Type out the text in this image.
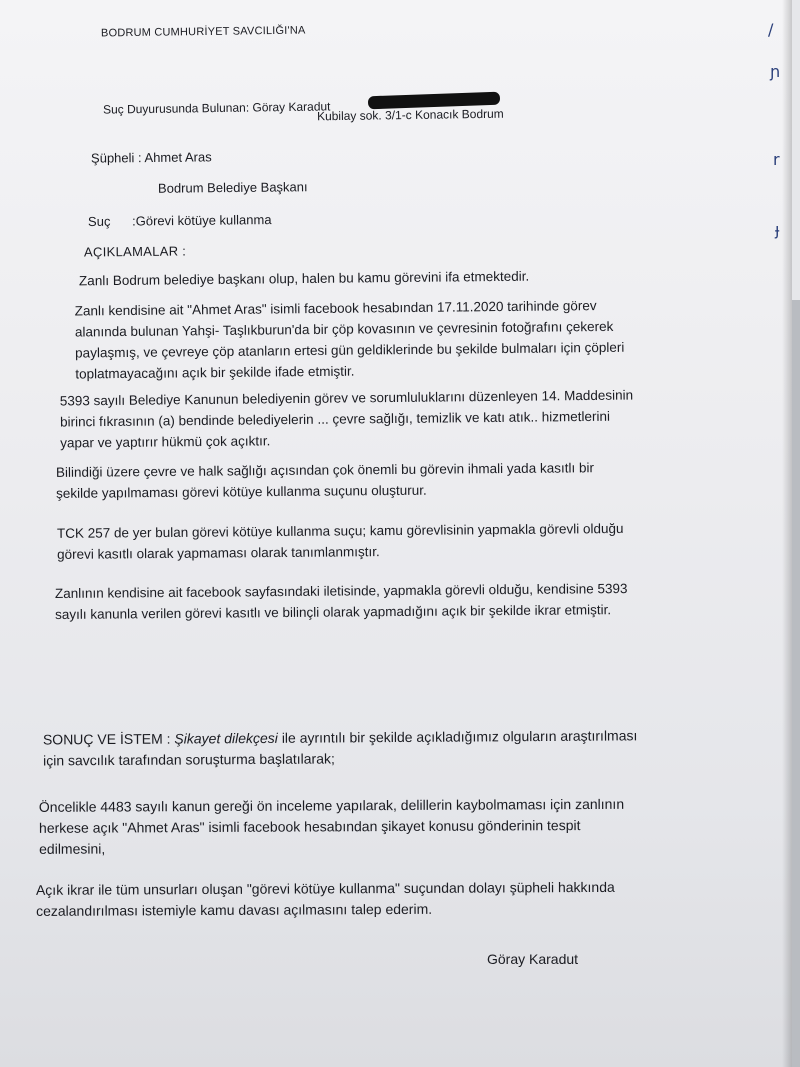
BODRUM CUMHURİYET SAVCILIĞI'NA
Suç Duyurusunda Bulunan: Göray Karadut
Kubilay sok. 3/1-c Konacık Bodrum
Şüpheli : Ahmet Aras
Bodrum Belediye Başkanı
Suç :Görevi kötüye kullanma
AÇIKLAMALAR :
Zanlı Bodrum belediye başkanı olup, halen bu kamu görevini ifa etmektedir.
Zanlı kendisine ait "Ahmet Aras" isimli facebook hesabından 17.11.2020 tarihinde görev
alanında bulunan Yahşi- Taşlıkburun'da bir çöp kovasının ve çevresinin fotoğrafını çekerek
paylaşmış, ve çevreye çöp atanların ertesi gün geldiklerinde bu şekilde bulmaları için çöpleri
toplatmayacağını açık bir şekilde ifade etmiştir.
5393 sayılı Belediye Kanunun belediyenin görev ve sorumluluklarını düzenleyen 14. Maddesinin
birinci fıkrasının (a) bendinde belediyelerin ... çevre sağlığı, temizlik ve katı atık.. hizmetlerini
yapar ve yaptırır hükmü çok açıktır.
Bilindiği üzere çevre ve halk sağlığı açısından çok önemli bu görevin ihmali yada kasıtlı bir
şekilde yapılmaması görevi kötüye kullanma suçunu oluşturur.
TCK 257 de yer bulan görevi kötüye kullanma suçu; kamu görevlisinin yapmakla görevli olduğu
görevi kasıtlı olarak yapmaması olarak tanımlanmıştır.
Zanlının kendisine ait facebook sayfasındaki iletisinde, yapmakla görevli olduğu, kendisine 5393
sayılı kanunla verilen görevi kasıtlı ve bilinçli olarak yapmadığını açık bir şekilde ikrar etmiştir.
SONUÇ VE İSTEM : Şikayet dilekçesi ile ayrıntılı bir şekilde açıkladığımız olguların araştırılması
için savcılık tarafından soruşturma başlatılarak;
Öncelikle 4483 sayılı kanun gereği ön inceleme yapılarak, delillerin kaybolmaması için zanlının
herkese açık "Ahmet Aras" isimli facebook hesabından şikayet konusu gönderinin tespit
edilmesini,
Açık ikrar ile tüm unsurları oluşan "görevi kötüye kullanma" suçundan dolayı şüpheli hakkında
cezalandırılması istemiyle kamu davası açılmasını talep ederim.
Göray Karadut
/
ɲ
r
ɟ
